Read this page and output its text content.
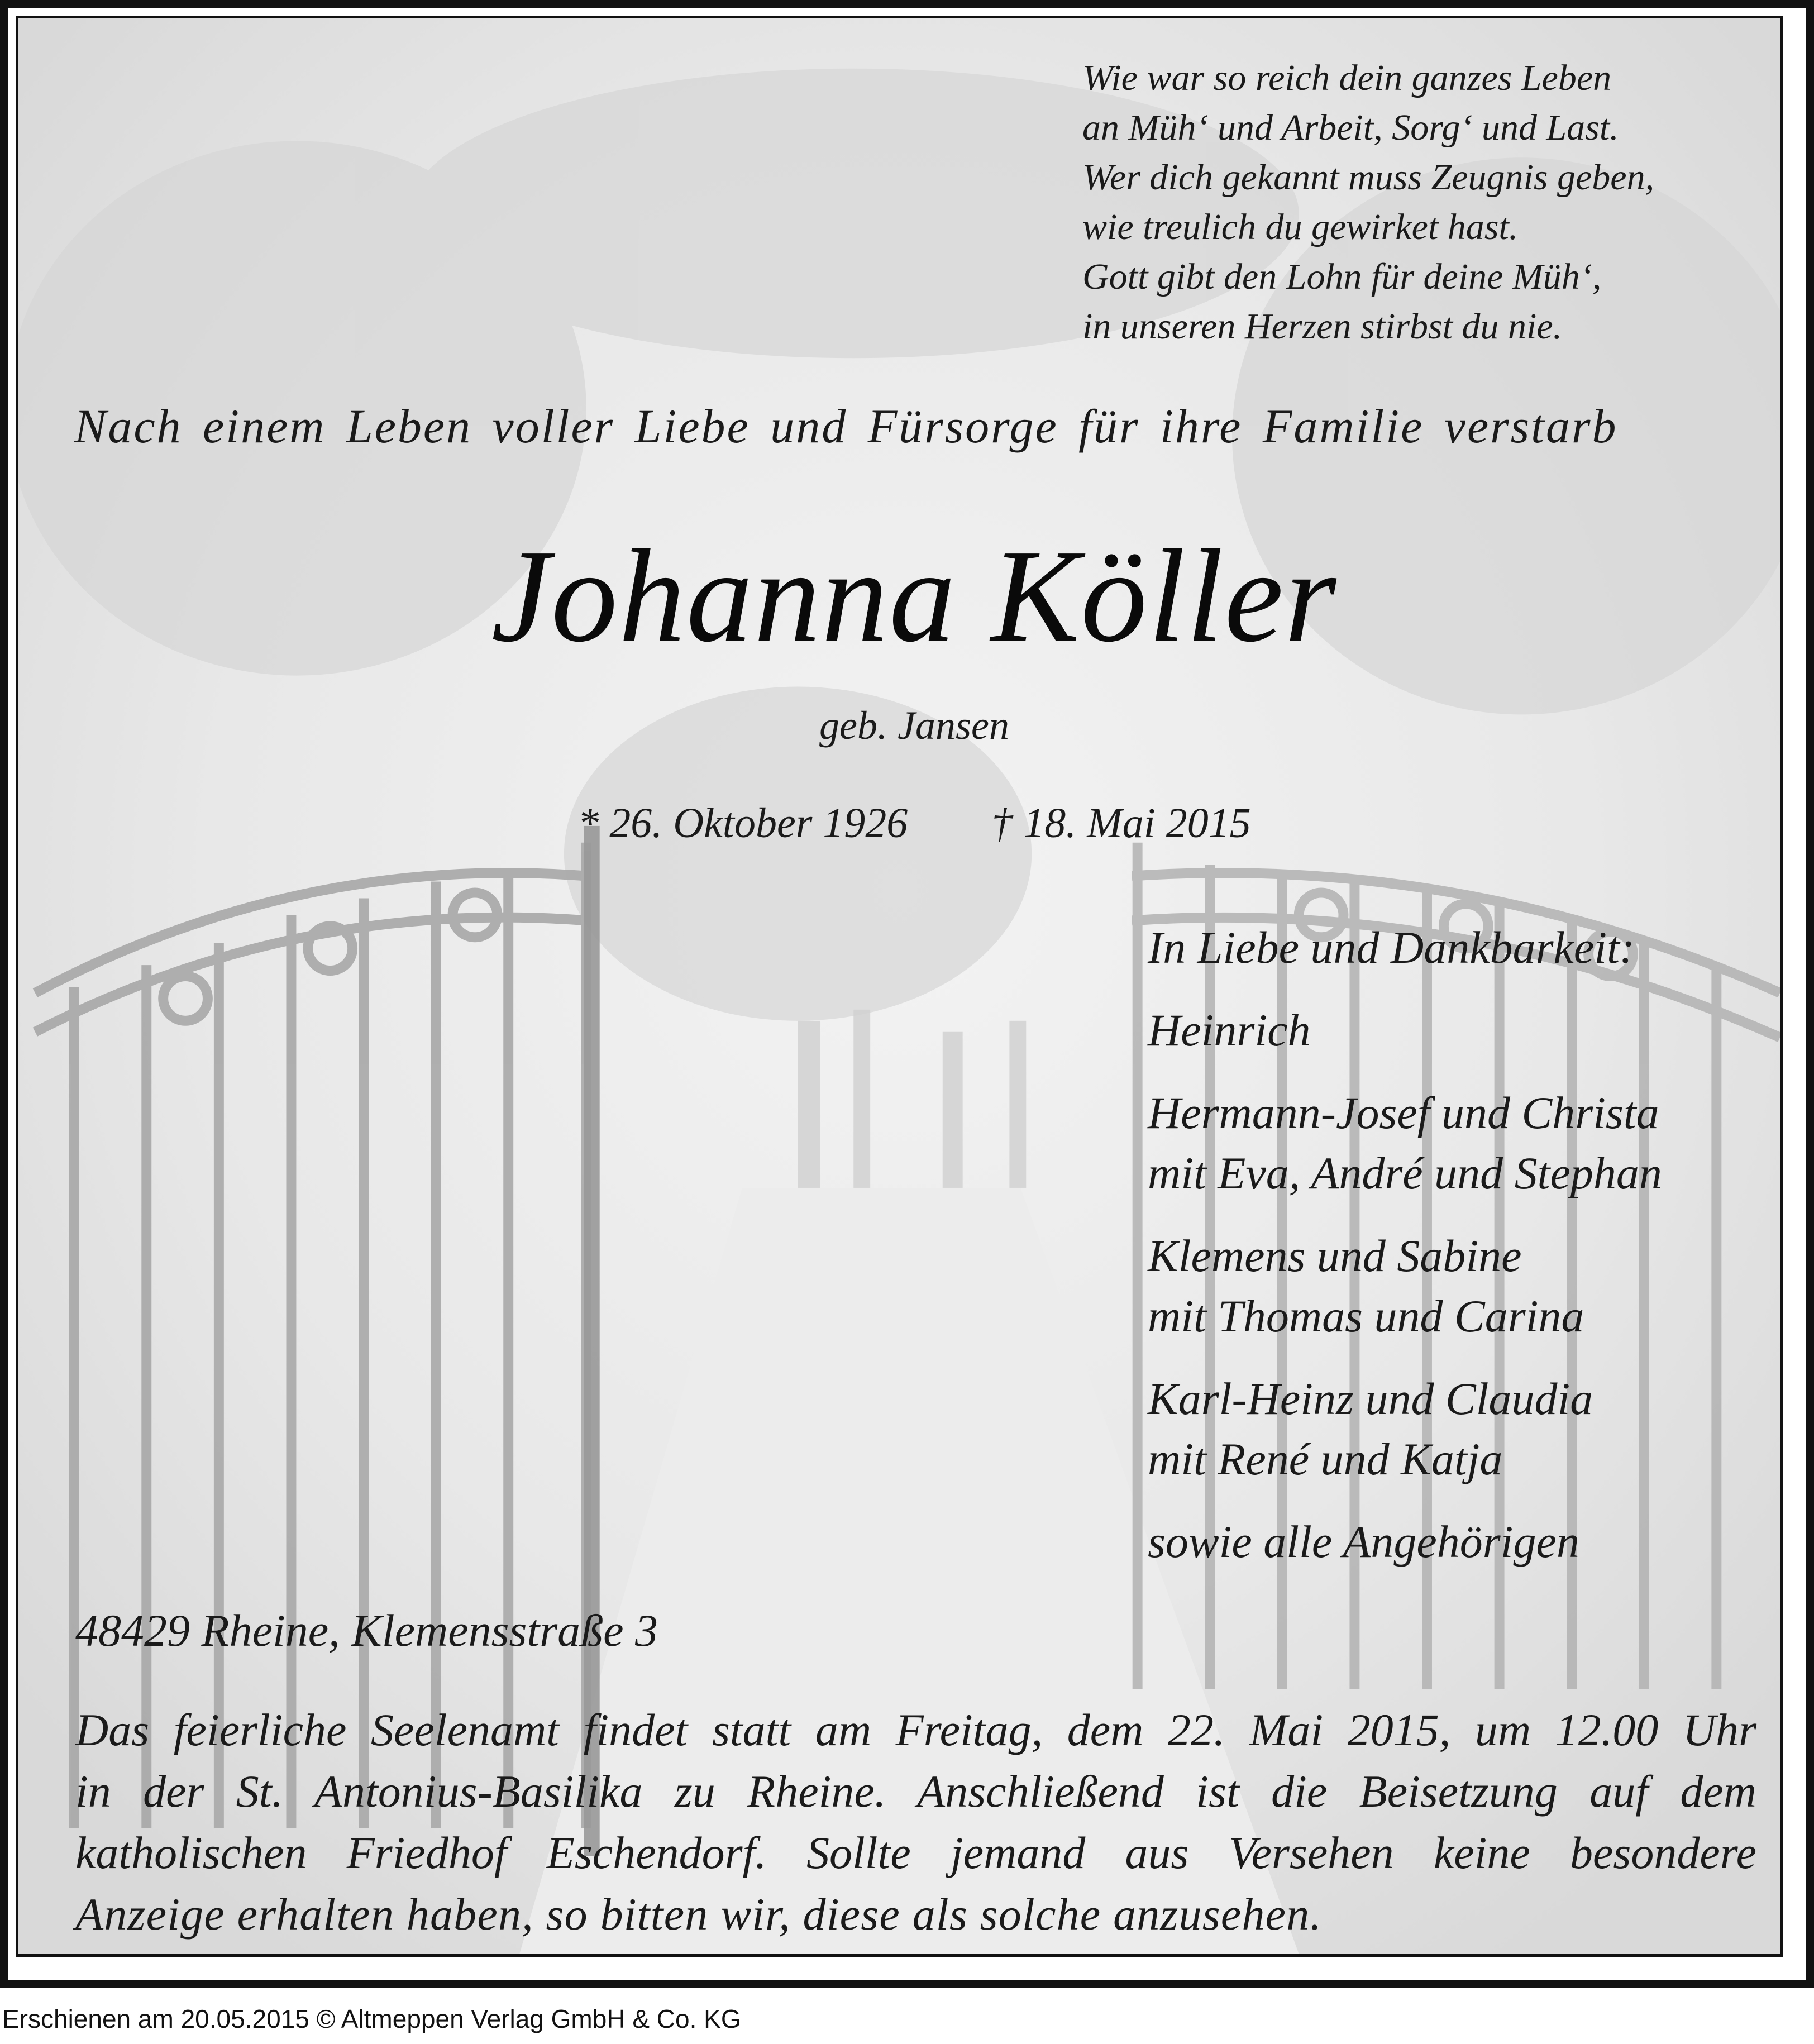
Wie war so reich dein ganzes Leben
an Müh‘ und Arbeit, Sorg‘ und Last.
Wer dich gekannt muss Zeugnis geben,
wie treulich du gewirket hast.
Gott gibt den Lohn für deine Müh‘,
in unseren Herzen stirbst du nie.
Nach einem Leben voller Liebe und Fürsorge für ihre Familie verstarb
Johanna Köller
geb. Jansen
* 26. Oktober 1926 † 18. Mai 2015
In Liebe und Dankbarkeit:
Heinrich
Hermann-Josef und Christa
mit Eva, André und Stephan
Klemens und Sabine
mit Thomas und Carina
Karl-Heinz und Claudia
mit René und Katja
sowie alle Angehörigen
48429 Rheine, Klemensstraße 3
Das feierliche Seelenamt findet statt am Freitag, dem 22. Mai 2015, um 12.00 Uhr
in der St. Antonius-Basilika zu Rheine. Anschließend ist die Beisetzung auf dem
katholischen Friedhof Eschendorf. Sollte jemand aus Versehen keine besondere
Anzeige erhalten haben, so bitten wir, diese als solche anzusehen.
Erschienen am 20.05.2015 © Altmeppen Verlag GmbH & Co. KG
